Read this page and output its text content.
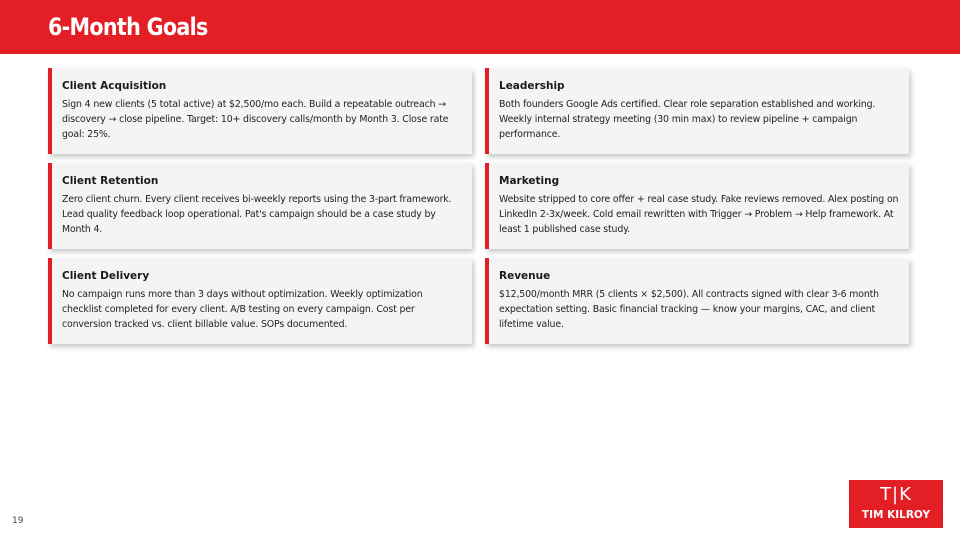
6-Month Goals
Client Acquisition
Sign 4 new clients (5 total active) at $2,500/mo each. Build a repeatable outreach → discovery → close pipeline. Target: 10+ discovery calls/month by Month 3. Close rate goal: 25%.
Leadership
Both founders Google Ads certified. Clear role separation established and working. Weekly internal strategy meeting (30 min max) to review pipeline + campaign performance.
Client Retention
Zero client churn. Every client receives bi-weekly reports using the 3-part framework. Lead quality feedback loop operational. Pat's campaign should be a case study by Month 4.
Marketing
Website stripped to core offer + real case study. Fake reviews removed. Alex posting on LinkedIn 2-3x/week. Cold email rewritten with Trigger → Problem → Help framework. At least 1 published case study.
Client Delivery
No campaign runs more than 3 days without optimization. Weekly optimization checklist completed for every client. A/B testing on every campaign. Cost per conversion tracked vs. client billable value. SOPs documented.
Revenue
$12,500/month MRR (5 clients × $2,500). All contracts signed with clear 3-6 month expectation setting. Basic financial tracking — know your margins, CAC, and client lifetime value.
19
T|K
TIM KILROY
